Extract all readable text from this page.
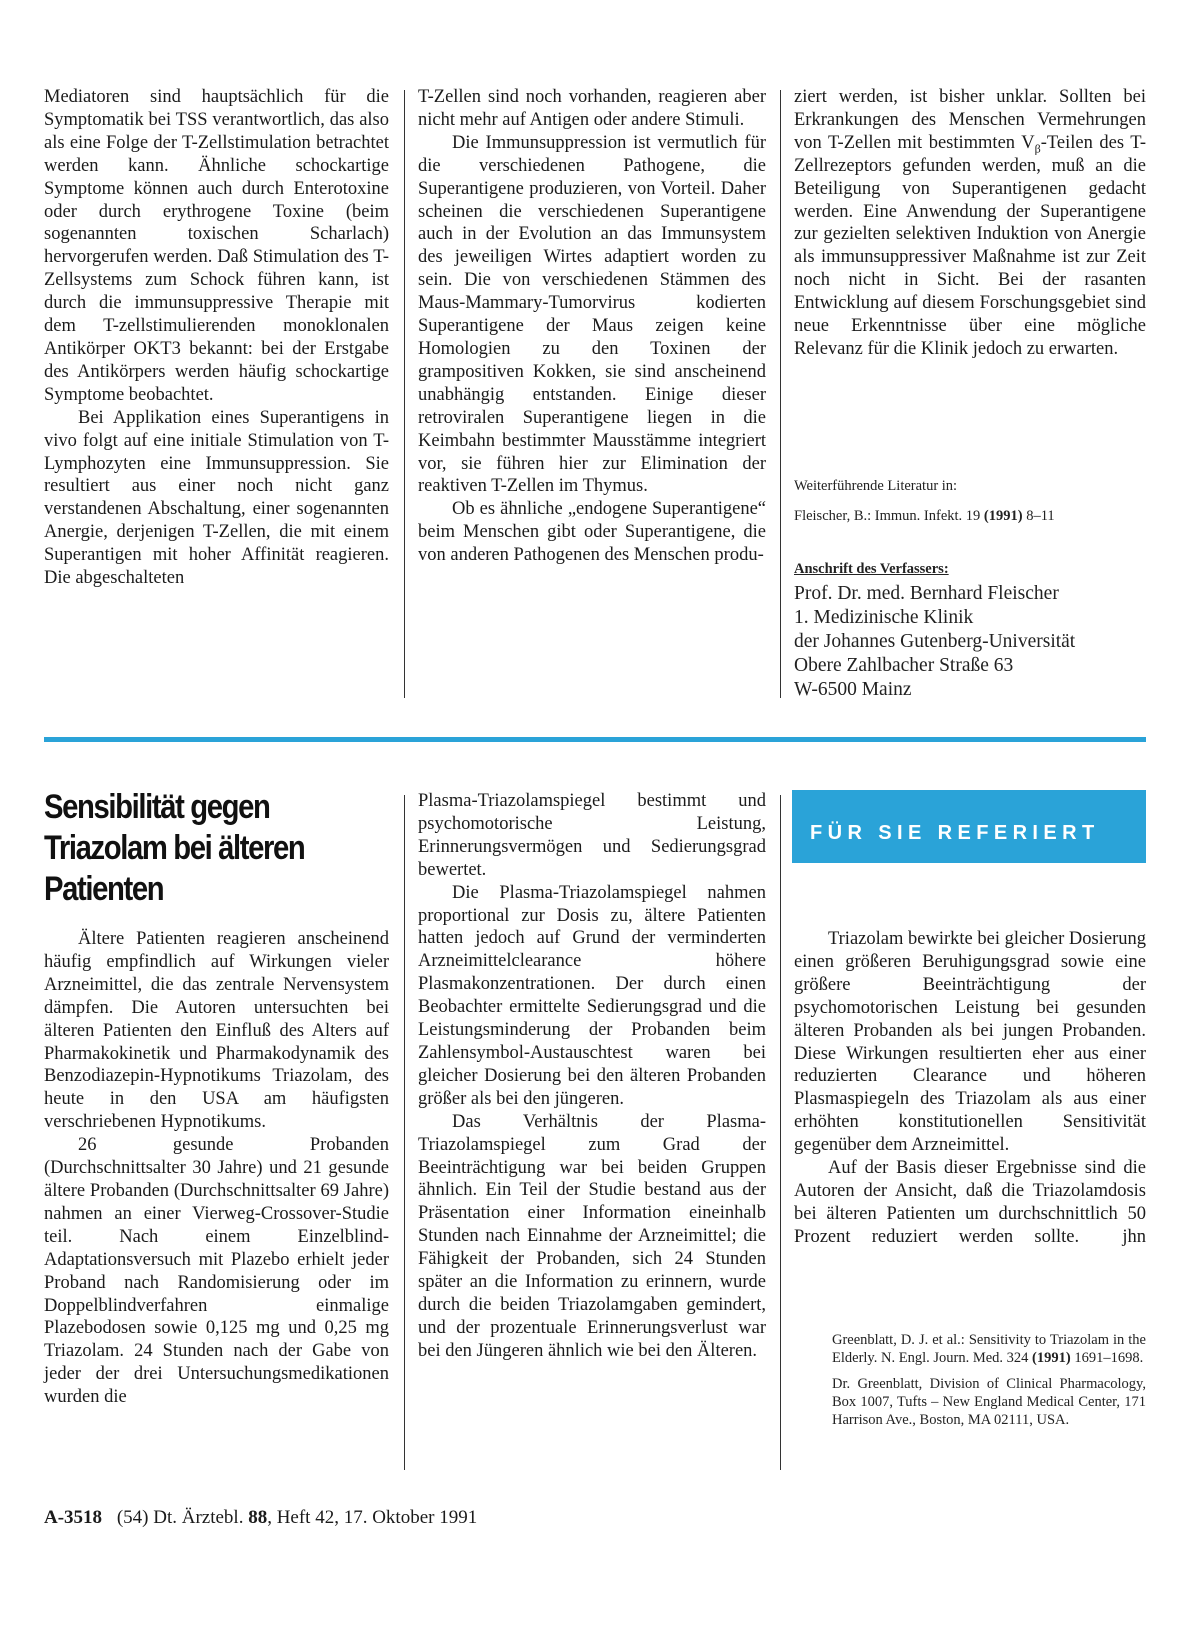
Mediatoren sind hauptsächlich für die Symptomatik bei TSS verantwortlich, das also als eine Folge der T-Zellstimulation betrachtet werden kann. Ähnliche schockartige Symptome können auch durch Enterotoxine oder durch erythrogene Toxine (beim sogenannten toxischen Scharlach) hervorgerufen werden. Daß Stimulation des T-Zellsystems zum Schock führen kann, ist durch die immunsuppressive Therapie mit dem T-zellstimulierenden monoklonalen Antikörper OKT3 bekannt: bei der Erstgabe des Antikörpers werden häufig schockartige Symptome beobachtet.

Bei Applikation eines Superantigens in vivo folgt auf eine initiale Stimulation von T-Lymphozyten eine Immunsuppression. Sie resultiert aus einer noch nicht ganz verstandenen Abschaltung, einer sogenannten Anergie, derjenigen T-Zellen, die mit einem Superantigen mit hoher Affinität reagieren. Die abgeschalteten

T-Zellen sind noch vorhanden, reagieren aber nicht mehr auf Antigen oder andere Stimuli.

Die Immunsuppression ist vermutlich für die verschiedenen Pathogene, die Superantigene produzieren, von Vorteil. Daher scheinen die verschiedenen Superantigene auch in der Evolution an das Immunsystem des jeweiligen Wirtes adaptiert worden zu sein. Die von verschiedenen Stämmen des Maus-Mammary-Tumorvirus kodierten Superantigene der Maus zeigen keine Homologien zu den Toxinen der grampositiven Kokken, sie sind anscheinend unabhängig entstanden. Einige dieser retroviralen Superantigene liegen in die Keimbahn bestimmter Mausstämme integriert vor, sie führen hier zur Elimination der reaktiven T-Zellen im Thymus.

Ob es ähnliche „endogene Superantigene“ beim Menschen gibt oder Superantigene, die von anderen Pathogenen des Menschen produ-

ziert werden, ist bisher unklar. Sollten bei Erkrankungen des Menschen Vermehrungen von T-Zellen mit bestimmten $V_\beta$-Teilen des T-Zellrezeptors gefunden werden, muß an die Beteiligung von Superantigenen gedacht werden. Eine Anwendung der Superantigene zur gezielten selektiven Induktion von Anergie als immunsuppressiver Maßnahme ist zur Zeit noch nicht in Sicht. Bei der rasanten Entwicklung auf diesem Forschungsgebiet sind neue Erkenntnisse über eine mögliche Relevanz für die Klinik jedoch zu erwarten.

Weiterführende Literatur in:

Fleischer, B.: Immun. Infekt. 19 (1991) 8–11

Anschrift des Verfassers:

Prof. Dr. med. Bernhard Fleischer

1. Medizinische Klinik

der Johannes Gutenberg-Universität

Obere Zahlbacher Straße 63

W-6500 Mainz

Sensibilität gegen
Triazolam bei älteren
Patienten

Ältere Patienten reagieren anscheinend häufig empfindlich auf Wirkungen vieler Arzneimittel, die das zentrale Nervensystem dämpfen. Die Autoren untersuchten bei älteren Patienten den Einfluß des Alters auf Pharmakokinetik und Pharmakodynamik des Benzodiazepin-Hypnotikums Triazolam, des heute in den USA am häufigsten verschriebenen Hypnotikums.

26 gesunde Probanden (Durchschnittsalter 30 Jahre) und 21 gesunde ältere Probanden (Durchschnittsalter 69 Jahre) nahmen an einer Vierweg-Crossover-Studie teil. Nach einem Einzelblind-Adaptationsversuch mit Plazebo erhielt jeder Proband nach Randomisierung oder im Doppelblindverfahren einmalige Plazebodosen sowie 0,125 mg und 0,25 mg Triazolam. 24 Stunden nach der Gabe von jeder der drei Untersuchungsmedikationen wurden die

Plasma-Triazolamspiegel bestimmt und psychomotorische Leistung, Erinnerungsvermögen und Sedierungsgrad bewertet.

Die Plasma-Triazolamspiegel nahmen proportional zur Dosis zu, ältere Patienten hatten jedoch auf Grund der verminderten Arzneimittelclearance höhere Plasmakonzentrationen. Der durch einen Beobachter ermittelte Sedierungsgrad und die Leistungsminderung der Probanden beim Zahlensymbol-Austauschtest waren bei gleicher Dosierung bei den älteren Probanden größer als bei den jüngeren.

Das Verhältnis der Plasma-Triazolamspiegel zum Grad der Beeinträchtigung war bei beiden Gruppen ähnlich. Ein Teil der Studie bestand aus der Präsentation einer Information eineinhalb Stunden nach Einnahme der Arzneimittel; die Fähigkeit der Probanden, sich 24 Stunden später an die Information zu erinnern, wurde durch die beiden Triazolamgaben gemindert, und der prozentuale Erinnerungsverlust war bei den Jüngeren ähnlich wie bei den Älteren.

FÜR SIE REFERIERT

Triazolam bewirkte bei gleicher Dosierung einen größeren Beruhigungsgrad sowie eine größere Beeinträchtigung der psychomotorischen Leistung bei gesunden älteren Probanden als bei jungen Probanden. Diese Wirkungen resultierten eher aus einer reduzierten Clearance und höheren Plasmaspiegeln des Triazolam als aus einer erhöhten konstitutionellen Sensitivität gegenüber dem Arzneimittel.

Auf der Basis dieser Ergebnisse sind die Autoren der Ansicht, daß die Triazolamdosis bei älteren Patienten um durchschnittlich 50 Prozent reduziert werden sollte. jhn

Greenblatt, D. J. et al.: Sensitivity to Triazolam in the Elderly. N. Engl. Journ. Med. 324 (1991) 1691–1698.

Dr. Greenblatt, Division of Clinical Pharmacology, Box 1007, Tufts – New England Medical Center, 171 Harrison Ave., Boston, MA 02111, USA.

A-3518 (54) Dt. Ärztebl. 88, Heft 42, 17. Oktober 1991
